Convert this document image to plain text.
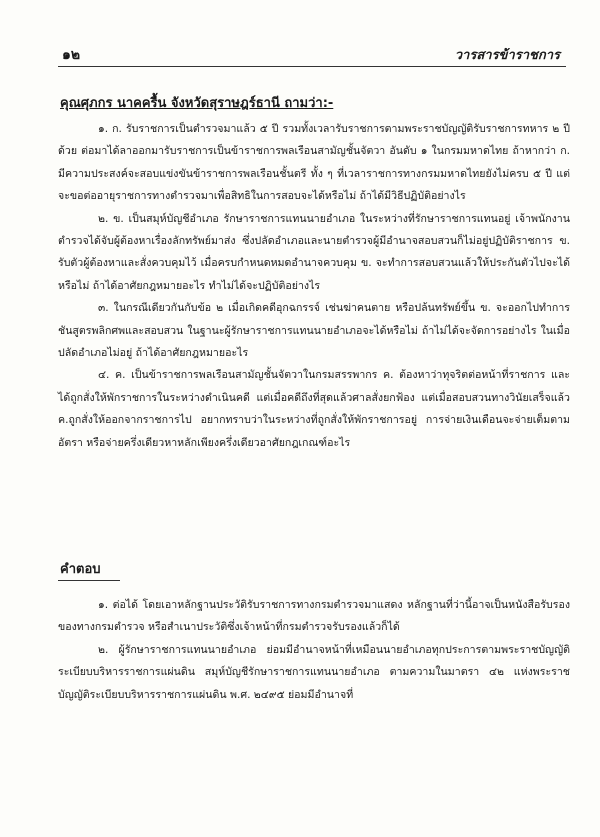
๑๒	วารสารข้าราชการ
คุณศุภกร นาคครื้น จังหวัดสุราษฎร์ธานี ถามว่า:-

๑. ก. รับราชการเป็นตำรวจมาแล้ว ๕ ปี รวมทั้งเวลารับราชการตามพระราชบัญญัติรับราชการทหาร ๒ ปีด้วย ต่อมาได้ลาออกมารับราชการเป็นข้าราชการพลเรือนสามัญชั้นจัตวา อันดับ ๑ ในกรมมหาดไทย ถ้าหากว่า ก. มีความประสงค์จะสอบแข่งขันข้าราชการพลเรือนชั้นตรี ทั้ง ๆ ที่เวลาราชการทางกรมมหาดไทยยังไม่ครบ ๕ ปี แต่จะขอต่ออายุราชการทางตำรวจมาเพื่อสิทธิในการสอบจะได้หรือไม่ ถ้าได้มีวิธีปฏิบัติอย่างไร

๒. ข. เป็นสมุห์บัญชีอำเภอ รักษาราชการแทนนายอำเภอ ในระหว่างที่รักษาราชการแทนอยู่ เจ้าพนักงานตำรวจได้จับผู้ต้องหาเรื่องลักทรัพย์มาส่ง ซึ่งปลัดอำเภอและนายตำรวจผู้มีอำนาจสอบสวนก็ไม่อยู่ปฏิบัติราชการ ข. รับตัวผู้ต้องหาและสั่งควบคุมไว้ เมื่อครบกำหนดหมดอำนาจควบคุม ข. จะทำการสอบสวนแล้วให้ประกันตัวไปจะได้หรือไม่ ถ้าได้อาศัยกฎหมายอะไร ทำไม่ได้จะปฏิบัติอย่างไร

๓. ในกรณีเดียวกันกับข้อ ๒ เมื่อเกิดคดีอุกฉกรรจ์ เช่นฆ่าคนตาย หรือปล้นทรัพย์ขึ้น ข. จะออกไปทำการชันสูตรพลิกศพและสอบสวน ในฐานะผู้รักษาราชการแทนนายอำเภอจะได้หรือไม่ ถ้าไม่ได้จะจัดการอย่างไร ในเมื่อปลัดอำเภอไม่อยู่ ถ้าได้อาศัยกฎหมายอะไร

๔. ค. เป็นข้าราชการพลเรือนสามัญชั้นจัตวาในกรมสรรพากร ค. ต้องหาว่าทุจริตต่อหน้าที่ราชการ และได้ถูกสั่งให้พักราชการในระหว่างดำเนินคดี แต่เมื่อคดีถึงที่สุดแล้วศาลสั่งยกฟ้อง แต่เมื่อสอบสวนทางวินัยเสร็จแล้วค.ถูกสั่งให้ออกจากราชการไป อยากทราบว่าในระหว่างที่ถูกสั่งให้พักราชการอยู่ การจ่ายเงินเดือนจะจ่ายเต็มตามอัตรา หรือจ่ายครึ่งเดียวหาหลักเพียงครึ่งเดียวอาศัยกฎเกณฑ์อะไร

คำตอบ

๑. ต่อได้ โดยเอาหลักฐานประวัติรับราชการทางกรมตำรวจมาแสดง หลักฐานที่ว่านี้อาจเป็นหนังสือรับรองของทางกรมตำรวจ หรือสำเนาประวัติซึ่งเจ้าหน้าที่กรมตำรวจรับรองแล้วก็ได้

๒. ผู้รักษาราชการแทนนายอำเภอ ย่อมมีอำนาจหน้าที่เหมือนนายอำเภอทุกประการตามพระราชบัญญัติระเบียบบริหารราชการแผ่นดิน สมุห์บัญชีรักษาราชการแทนนายอำเภอ ตามความในมาตรา ๔๒ แห่งพระราชบัญญัติระเบียบบริหารราชการแผ่นดิน พ.ศ. ๒๔๙๕ ย่อมมีอำนาจที่
